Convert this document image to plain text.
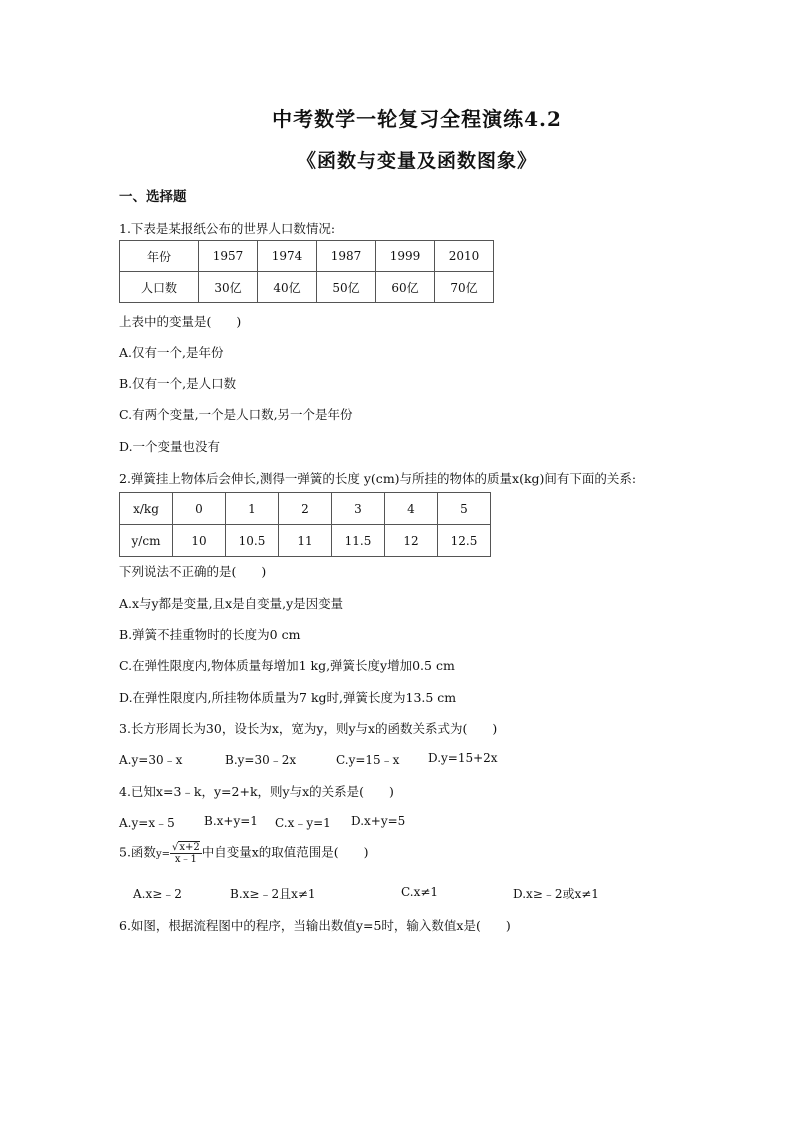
中考数学一轮复习全程演练4.2
《函数与变量及函数图象》
一、选择题
1.下表是某报纸公布的世界人口数情况:
年份	1957	1974	1987	1999	2010
人口数	30亿	40亿	50亿	60亿	70亿
上表中的变量是(　　)
A.仅有一个,是年份
B.仅有一个,是人口数
C.有两个变量,一个是人口数,另一个是年份
D.一个变量也没有
2.弹簧挂上物体后会伸长,测得一弹簧的长度 y(cm)与所挂的物体的质量x(kg)间有下面的关系:
x/kg	0	1	2	3	4	5
y/cm	10	10.5	11	11.5	12	12.5
下列说法不正确的是(　　)
A.x与y都是变量,且x是自变量,y是因变量
B.弹簧不挂重物时的长度为0 cm
C.在弹性限度内,物体质量每增加1 kg,弹簧长度y增加0.5 cm
D.在弹性限度内,所挂物体质量为7 kg时,弹簧长度为13.5 cm
3.长方形周长为30，设长为x，宽为y，则y与x的函数关系式为(　　)
A.y=30﹣x	B.y=30﹣2x	C.y=15﹣x D.y=15+2x
4.已知x=3﹣k，y=2+k，则y与x的关系是(　　)
A.y=x﹣5 B.x+y=1 C.x﹣y=1 D.x+y=5
5.函数$y= \frac{√x+2}{x﹣1}$ 中自变量x的取值范围是(　　)
A.x≥﹣2	B.x≥﹣2且x≠1	C.x≠1	D.x≥﹣2或x≠1
6.如图，根据流程图中的程序，当输出数值y=5时，输入数值x是(　　)
